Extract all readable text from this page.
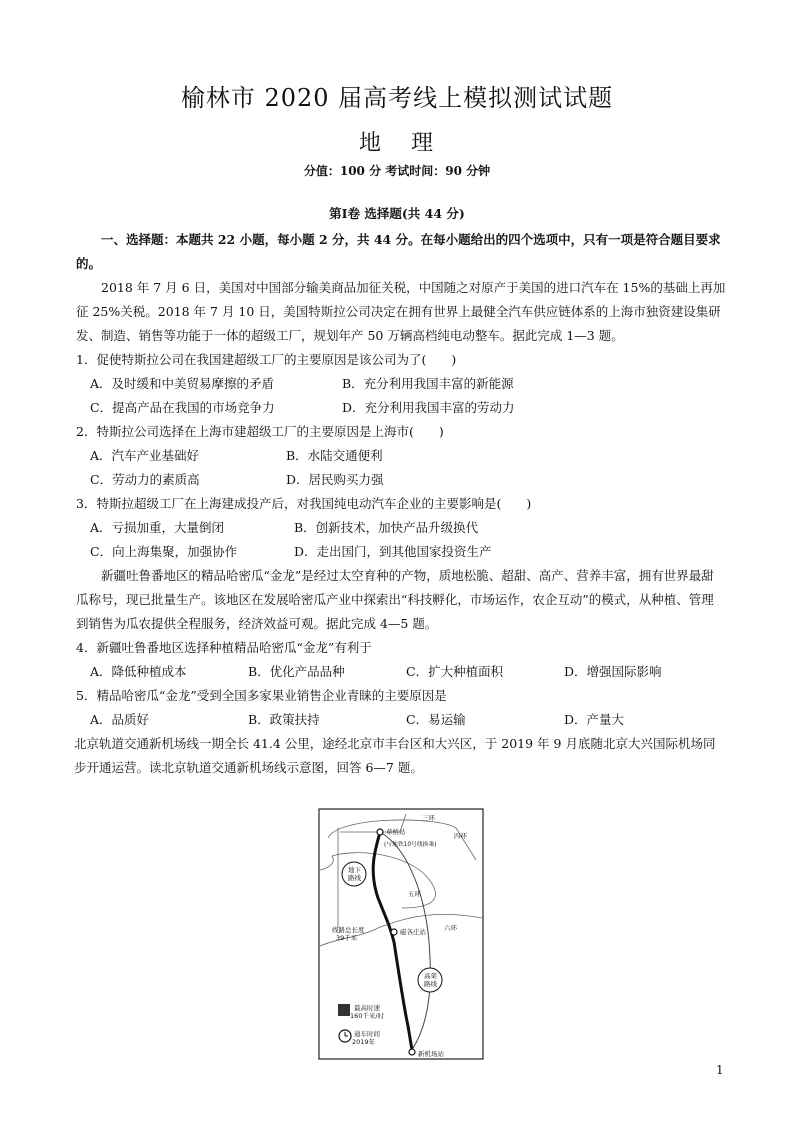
榆林市 2020 届高考线上模拟测试试题
地 理
分值：100 分 考试时间：90 分钟
第Ⅰ卷 选择题(共 44 分)

一、选择题：本题共 22 小题，每小题 2 分，共 44 分。在每小题给出的四个选项中，只有一项是符合题目要求的。

2018 年 7 月 6 日，美国对中国部分输美商品加征关税，中国随之对原产于美国的进口汽车在 15%的基础上再加征 25%关税。2018 年 7 月 10 日，美国特斯拉公司决定在拥有世界上最健全汽车供应链体系的上海市独资建设集研发、制造、销售等功能于一体的超级工厂，规划年产 50 万辆高档纯电动整车。据此完成 1—3 题。

1．促使特斯拉公司在我国建超级工厂的主要原因是该公司为了(　　)

A．及时缓和中美贸易摩擦的矛盾	B．充分利用我国丰富的新能源
C．提高产品在我国的市场竞争力	D．充分利用我国丰富的劳动力

2．特斯拉公司选择在上海市建超级工厂的主要原因是上海市(　　)

A．汽车产业基础好	B．水陆交通便利
C．劳动力的素质高	D．居民购买力强

3．特斯拉超级工厂在上海建成投产后，对我国纯电动汽车企业的主要影响是(　　)

A．亏损加重，大量倒闭	B．创新技术，加快产品升级换代
C．向上海集聚，加强协作	D．走出国门，到其他国家投资生产

新疆吐鲁番地区的精品哈密瓜“金龙”是经过太空育种的产物，质地松脆、超甜、高产、营养丰富，拥有世界最甜瓜称号，现已批量生产。该地区在发展哈密瓜产业中探索出“科技孵化，市场运作，农企互动”的模式，从种植、管理到销售为瓜农提供全程服务，经济效益可观。据此完成 4—5 题。

4．新疆吐鲁番地区选择种植精品哈密瓜“金龙”有利于

A．降低种植成本	B．优化产品品种	C．扩大种植面积	D．增强国际影响

5．精品哈密瓜“金龙”受到全国多家果业销售企业青睐的主要原因是

A．品质好	B．政策扶持	C．易运输	D．产量大

北京轨道交通新机场线一期全长 41.4 公里，途经北京市丰台区和大兴区，于 2019 年 9 月底随北京大兴国际机场同步开通运营。读北京轨道交通新机场线示意图，回答 6—7 题。

三环
四环
五环
六环
草桥站
(与地铁10号线换乘)
地下
路线
磁各庄站
线路总长度
39千米
高架
路线
最高时速
160千米/时
通车时间
2019年
新机场站
1
